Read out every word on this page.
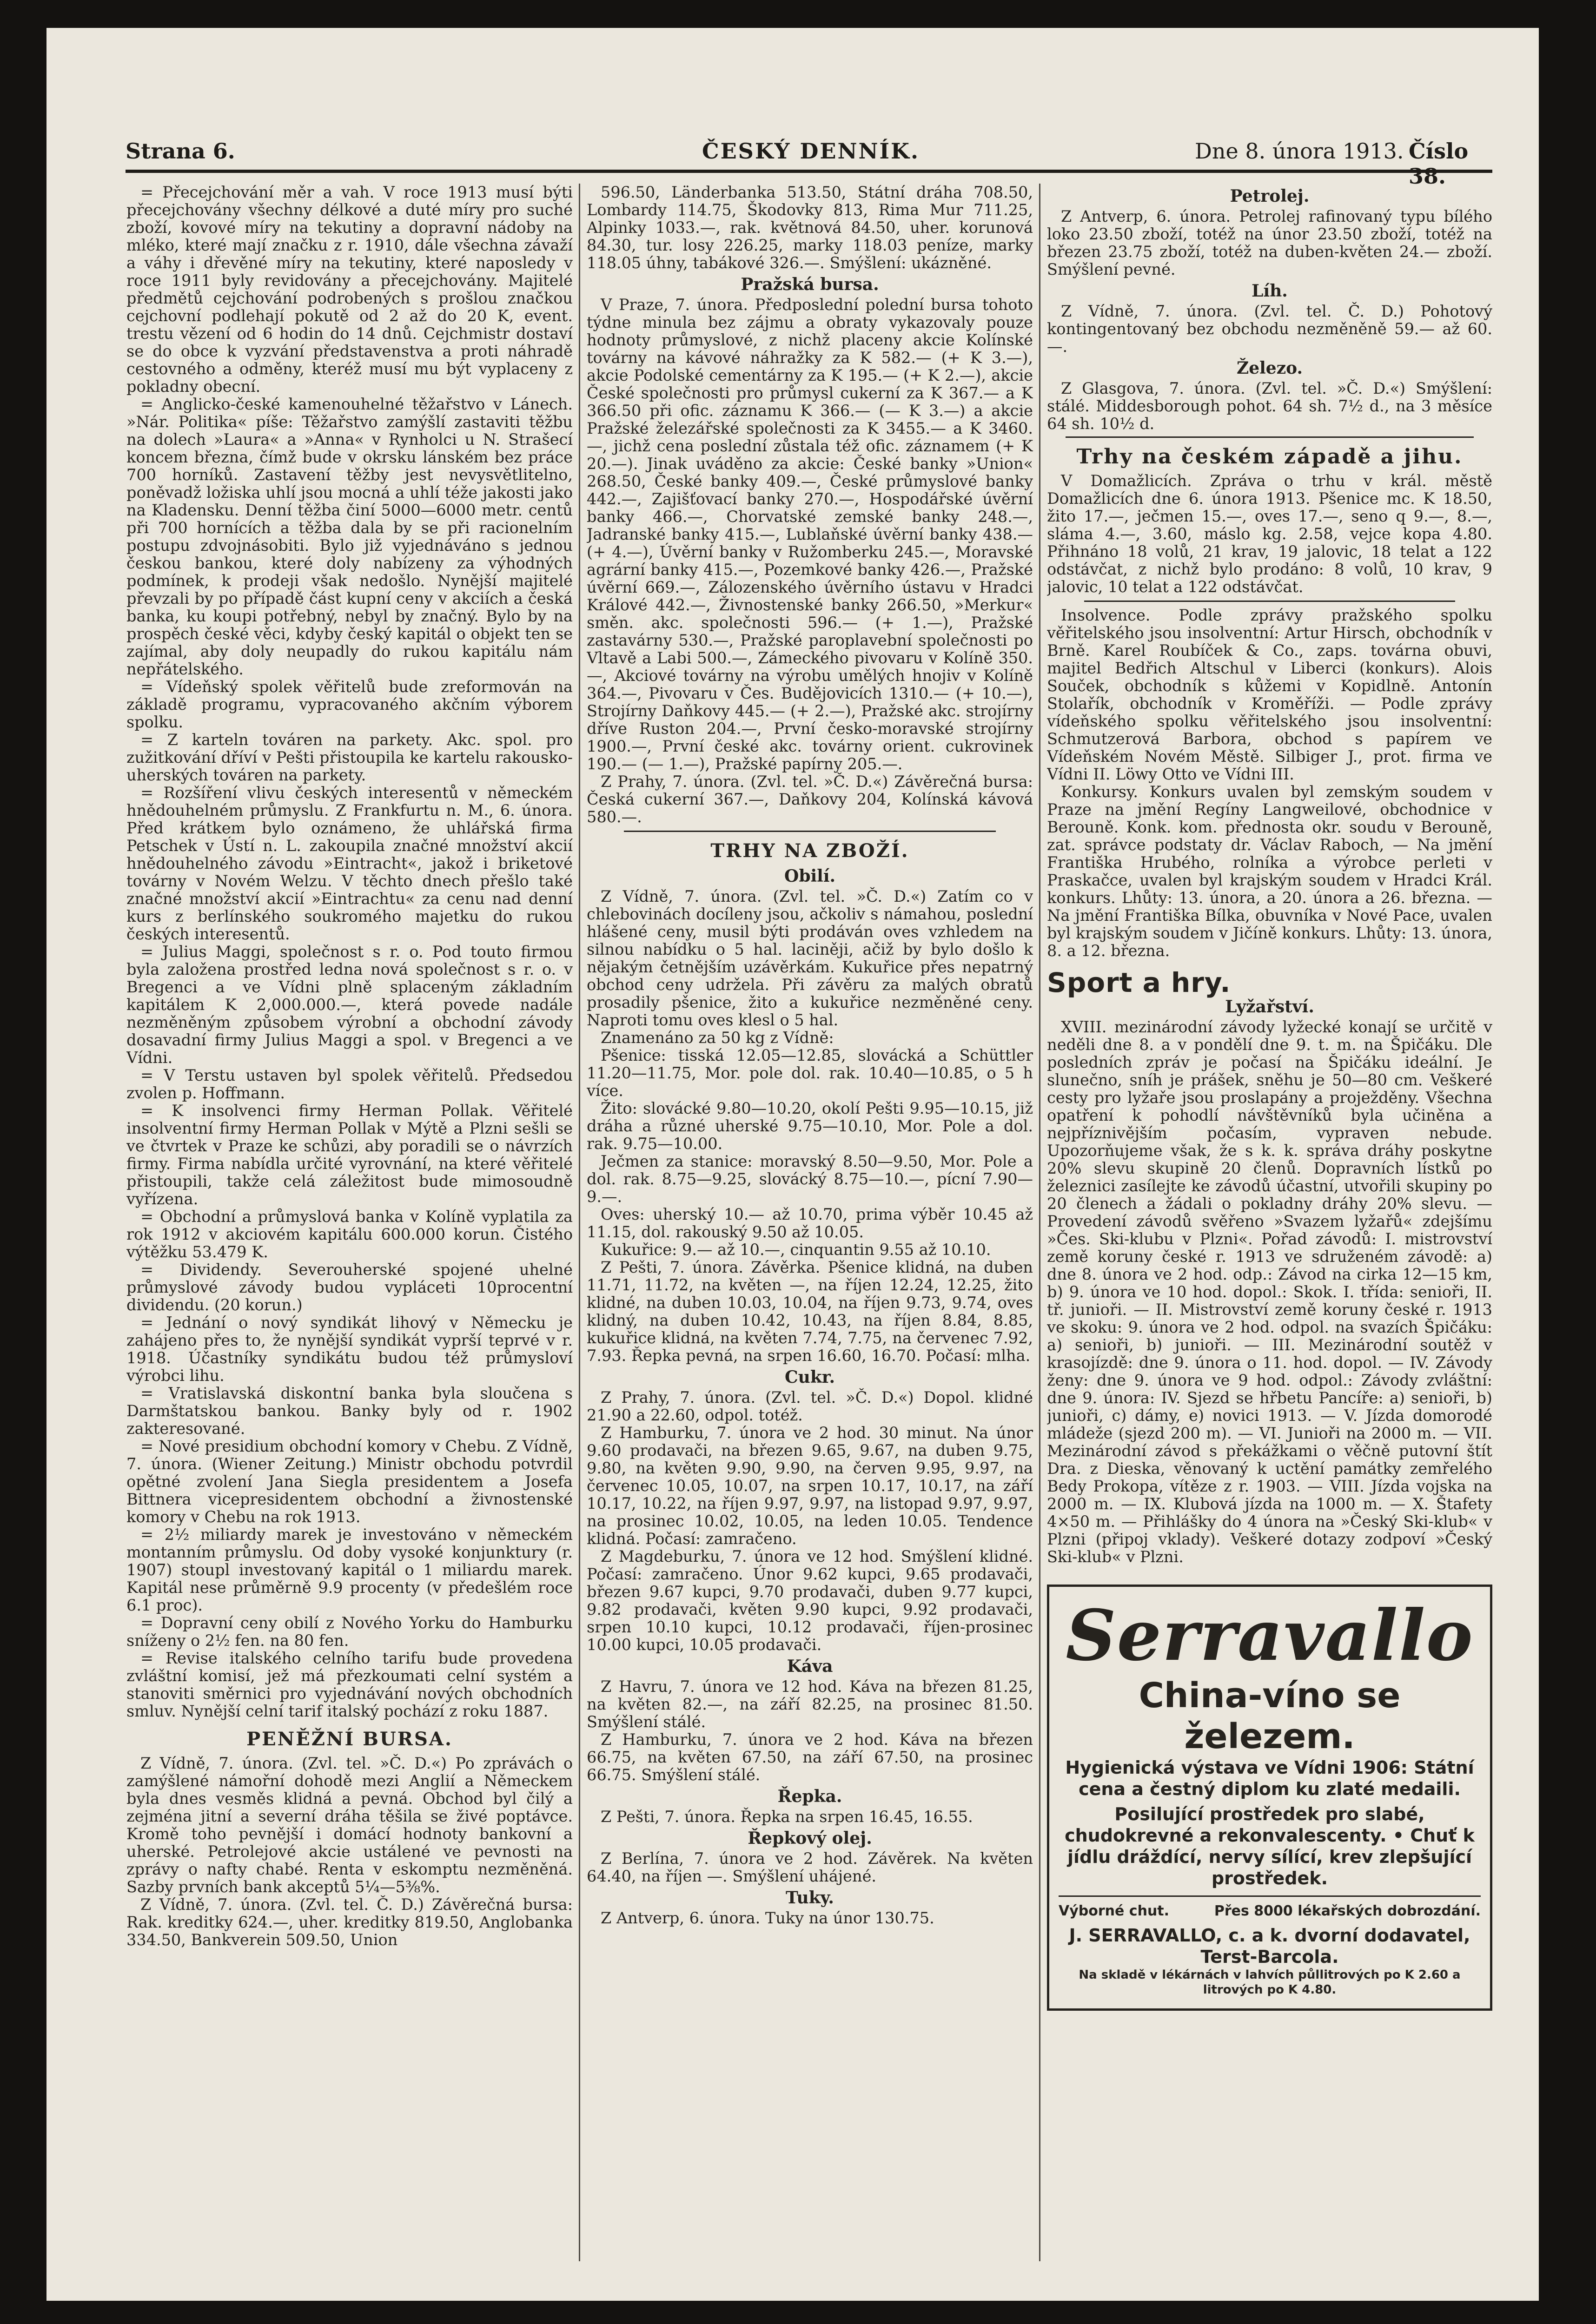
Strana 6.	ČESKÝ DENNÍK.	Dne 8. února 1913. Číslo 38.

= Přecejchování měr a vah. V roce 1913 musí býti přecejchovány všechny délkové a duté míry pro suché zboží, kovové míry na tekutiny a dopravní nádoby na mléko, které mají značku z r. 1910, dále všechna závaží a váhy i dřevěné míry na tekutiny, které naposledy v roce 1911 byly revidovány a přecejchovány. Majitelé předmětů cejchování podrobených s prošlou značkou cejchovní podlehají pokutě od 2 až do 20 K, event. trestu vězení od 6 hodin do 14 dnů. Cejchmistr dostaví se do obce k vyzvání představenstva a proti náhradě cestovného a odměny, kteréž musí mu být vyplaceny z pokladny obecní.

= Anglicko-české kamenouhelné těžařstvo v Lánech. »Nár. Politika« píše: Těžařstvo zamýšlí zastaviti těžbu na dolech »Laura« a »Anna« v Rynholci u N. Strašecí koncem března, čímž bude v okrsku lánském bez práce 700 horníků. Zastavení těžby jest nevysvětlitelno, poněvadž ložiska uhlí jsou mocná a uhlí téže jakosti jako na Kladensku. Denní těžba činí 5000—6000 metr. centů při 700 hornících a těžba dala by se při racionelním postupu zdvojnásobiti. Bylo již vyjednáváno s jednou českou bankou, které doly nabízeny za výhodných podmínek, k prodeji však nedošlo. Nynější majitelé převzali by po případě část kupní ceny v akciích a česká banka, ku koupi potřebný, nebyl by značný. Bylo by na prospěch české věci, kdyby český kapitál o objekt ten se zajímal, aby doly neupadly do rukou kapitálu nám nepřátelského.

= Vídeňský spolek věřitelů bude zreformován na základě programu, vypracovaného akčním výborem spolku.

= Z karteln továren na parkety. Akc. spol. pro zužitkování dříví v Pešti přistoupila ke kartelu rakousko-uherských továren na parkety.

= Rozšíření vlivu českých interesentů v německém hnědouhelném průmyslu. Z Frankfurtu n. M., 6. února. Před krátkem bylo oznámeno, že uhlářská firma Petschek v Ústí n. L. zakoupila značné množství akcií hnědouhelného závodu »Eintracht«, jakož i briketové továrny v Novém Welzu. V těchto dnech přešlo také značné množství akcií »Eintrachtu« za cenu nad denní kurs z berlínského soukromého majetku do rukou českých interesentů.

= Julius Maggi, společnost s r. o. Pod touto firmou byla založena prostřed ledna nová společnost s r. o. v Bregenci a ve Vídni plně splaceným základním kapitálem K 2,000.000.—, která povede nadále nezměněným způsobem výrobní a obchodní závody dosavadní firmy Julius Maggi a spol. v Bregenci a ve Vídni.

= V Terstu ustaven byl spolek věřitelů. Předsedou zvolen p. Hoffmann.

= K insolvenci firmy Herman Pollak. Věřitelé insolventní firmy Herman Pollak v Mýtě a Plzni sešli se ve čtvrtek v Praze ke schůzi, aby poradili se o návrzích firmy. Firma nabídla určité vyrovnání, na které věřitelé přistoupili, takže celá záležitost bude mimosoudně vyřízena.

= Obchodní a průmyslová banka v Kolíně vyplatila za rok 1912 v akciovém kapitálu 600.000 korun. Čistého výtěžku 53.479 K.

= Dividendy. Severouherské spojené uhelné průmyslové závody budou vypláceti 10procentní dividendu. (20 korun.)

= Jednání o nový syndikát lihový v Německu je zahájeno přes to, že nynější syndikát vyprší teprvé v r. 1918. Účastníky syndikátu budou též průmysloví výrobci lihu.

= Vratislavská diskontní banka byla sloučena s Darmštatskou bankou. Banky byly od r. 1902 zakteresované.

= Nové presidium obchodní komory v Chebu. Z Vídně, 7. února. (Wiener Zeitung.) Ministr obchodu potvrdil opětné zvolení Jana Siegla presidentem a Josefa Bittnera vicepresidentem obchodní a živnostenské komory v Chebu na rok 1913.

= 2½ miliardy marek je investováno v německém montanním průmyslu. Od doby vysoké konjunktury (r. 1907) stoupl investovaný kapitál o 1 miliardu marek. Kapitál nese průměrně 9.9 procenty (v předešlém roce 6.1 proc).

= Dopravní ceny obilí z Nového Yorku do Hamburku sníženy o 2½ fen. na 80 fen.

= Revise italského celního tarifu bude provedena zvláštní komisí, jež má přezkoumati celní systém a stanoviti směrnici pro vyjednávání nových obchodních smluv. Nynější celní tarif italský pochází z roku 1887.

PENĚŽNÍ BURSA.

Z Vídně, 7. února. (Zvl. tel. »Č. D.«) Po zprávách o zamýšlené námořní dohodě mezi Anglií a Německem byla dnes vesměs klidná a pevná. Obchod byl čilý a zejména jitní a severní dráha těšila se živé poptávce. Kromě toho pevnější i domácí hodnoty bankovní a uherské. Petrolejové akcie ustálené ve pevnosti na zprávy o nafty chabé. Renta v eskomptu nezměněná. Sazby prvních bank akceptů 5¼—5⅜%.

Z Vídně, 7. února. (Zvl. tel. Č. D.) Závěrečná bursa: Rak. kreditky 624.—, uher. kreditky 819.50, Anglobanka 334.50, Bankverein 509.50, Union

596.50, Länderbanka 513.50, Státní dráha 708.50, Lombardy 114.75, Škodovky 813, Rima Mur 711.25, Alpinky 1033.—, rak. květnová 84.50, uher. korunová 84.30, tur. losy 226.25, marky 118.03 peníze, marky 118.05 úhny, tabákové 326.—. Smýšlení: ukázněné.

Pražská bursa.

V Praze, 7. února. Předposlední polední bursa tohoto týdne minula bez zájmu a obraty vykazovaly pouze hodnoty průmyslové, z nichž placeny akcie Kolínské továrny na kávové náhražky za K 582.— (+ K 3.—), akcie Podolské cementárny za K 195.— (+ K 2.—), akcie České společnosti pro průmysl cukerní za K 367.— a K 366.50 při ofic. záznamu K 366.— (— K 3.—) a akcie Pražské železářské společnosti za K 3455.— a K 3460.—, jichž cena poslední zůstala též ofic. záznamem (+ K 20.—). Jinak uváděno za akcie: České banky »Union« 268.50, České banky 409.—, České průmyslové banky 442.—, Zajišťovací banky 270.—, Hospodářské úvěrní banky 466.—, Chorvatské zemské banky 248.—, Jadranské banky 415.—, Lublaňské úvěrní banky 438.— (+ 4.—), Úvěrní banky v Ružomberku 245.—, Moravské agrární banky 415.—, Pozemkové banky 426.—, Pražské úvěrní 669.—, Zálozenského úvěrního ústavu v Hradci Králové 442.—, Živnostenské banky 266.50, »Merkur« směn. akc. společnosti 596.— (+ 1.—), Pražské zastavárny 530.—, Pražské paroplavební společnosti po Vltavě a Labi 500.—, Zámeckého pivovaru v Kolíně 350.—, Akciové továrny na výrobu umělých hnojiv v Kolíně 364.—, Pivovaru v Čes. Budějovicích 1310.— (+ 10.—), Strojírny Daňkovy 445.— (+ 2.—), Pražské akc. strojírny dříve Ruston 204.—, První česko-moravské strojírny 1900.—, První české akc. továrny orient. cukrovinek 190.— (— 1.—), Pražské papírny 205.—.

Z Prahy, 7. února. (Zvl. tel. »Č. D.«) Závěrečná bursa: Česká cukerní 367.—, Daňkovy 204, Kolínská kávová 580.—.

TRHY NA ZBOŽÍ.
Obilí.

Z Vídně, 7. února. (Zvl. tel. »Č. D.«) Zatím co v chlebovinách docíleny jsou, ačkoliv s námahou, poslední hlášené ceny, musil býti prodáván oves vzhledem na silnou nabídku o 5 hal. laciněji, ačiž by bylo došlo k nějakým četnějším uzávěrkám. Kukuřice přes nepatrný obchod ceny udržela. Při závěru za malých obratů prosadily pšenice, žito a kukuřice nezměněné ceny. Naproti tomu oves klesl o 5 hal.

Znamenáno za 50 kg z Vídně:

Pšenice: tisská 12.05—12.85, slovácká a Schüttler 11.20—11.75, Mor. pole dol. rak. 10.40—10.85, o 5 h více.

Žito: slovácké 9.80—10.20, okolí Pešti 9.95—10.15, již dráha a různé uherské 9.75—10.10, Mor. Pole a dol. rak. 9.75—10.00.

Ječmen za stanice: moravský 8.50—9.50, Mor. Pole a dol. rak. 8.75—9.25, slovácký 8.75—10.—, pícní 7.90—9.—.

Oves: uherský 10.— až 10.70, prima výběr 10.45 až 11.15, dol. rakouský 9.50 až 10.05.

Kukuřice: 9.— až 10.—, cinquantin 9.55 až 10.10.

Z Pešti, 7. února. Závěrka. Pšenice klidná, na duben 11.71, 11.72, na květen —, na říjen 12.24, 12.25, žito klidné, na duben 10.03, 10.04, na říjen 9.73, 9.74, oves klidný, na duben 10.42, 10.43, na říjen 8.84, 8.85, kukuřice klidná, na květen 7.74, 7.75, na červenec 7.92, 7.93. Řepka pevná, na srpen 16.60, 16.70. Počasí: mlha.

Cukr.

Z Prahy, 7. února. (Zvl. tel. »Č. D.«) Dopol. klidné 21.90 a 22.60, odpol. totéž.

Z Hamburku, 7. února ve 2 hod. 30 minut. Na únor 9.60 prodavači, na březen 9.65, 9.67, na duben 9.75, 9.80, na květen 9.90, 9.90, na červen 9.95, 9.97, na červenec 10.05, 10.07, na srpen 10.17, 10.17, na září 10.17, 10.22, na říjen 9.97, 9.97, na listopad 9.97, 9.97, na prosinec 10.02, 10.05, na leden 10.05. Tendence klidná. Počasí: zamračeno.

Z Magdeburku, 7. února ve 12 hod. Smýšlení klidné. Počasí: zamračeno. Únor 9.62 kupci, 9.65 prodavači, březen 9.67 kupci, 9.70 prodavači, duben 9.77 kupci, 9.82 prodavači, květen 9.90 kupci, 9.92 prodavači, srpen 10.10 kupci, 10.12 prodavači, říjen-prosinec 10.00 kupci, 10.05 prodavači.

Káva

Z Havru, 7. února ve 12 hod. Káva na březen 81.25, na květen 82.—, na září 82.25, na prosinec 81.50. Smýšlení stálé.

Z Hamburku, 7. února ve 2 hod. Káva na březen 66.75, na květen 67.50, na září 67.50, na prosinec 66.75. Smýšlení stálé.

Řepka.

Z Pešti, 7. února. Řepka na srpen 16.45, 16.55.

Řepkový olej.

Z Berlína, 7. února ve 2 hod. Závěrek. Na květen 64.40, na říjen —. Smýšlení uhájené.

Tuky.

Z Antverp, 6. února. Tuky na únor 130.75.

Petrolej.

Z Antverp, 6. února. Petrolej rafinovaný typu bílého loko 23.50 zboží, totéž na únor 23.50 zboží, totéž na březen 23.75 zboží, totéž na duben-květen 24.— zboží. Smýšlení pevné.

Líh.

Z Vídně, 7. února. (Zvl. tel. Č. D.) Pohotový kontingentovaný bez obchodu nezměněně 59.— až 60.—.

Železo.

Z Glasgova, 7. února. (Zvl. tel. »Č. D.«) Smýšlení: stálé. Middesborough pohot. 64 sh. 7½ d., na 3 měsíce 64 sh. 10½ d.

Trhy na českém západě a jihu.

V Domažlicích. Zpráva o trhu v král. městě Domažlicích dne 6. února 1913. Pšenice mc. K 18.50, žito 17.—, ječmen 15.—, oves 17.—, seno q 9.—, 8.—, sláma 4.—, 3.60, máslo kg. 2.58, vejce kopa 4.80. Přihnáno 18 volů, 21 krav, 19 jalovic, 18 telat a 122 odstávčat, z nichž bylo prodáno: 8 volů, 10 krav, 9 jalovic, 10 telat a 122 odstávčat.

Insolvence. Podle zprávy pražského spolku věřitelského jsou insolventní: Artur Hirsch, obchodník v Brně. Karel Roubíček & Co., zaps. továrna obuvi, majitel Bedřich Altschul v Liberci (konkurs). Alois Souček, obchodník s kůžemi v Kopidlně. Antonín Stolařík, obchodník v Kroměříži. — Podle zprávy vídeňského spolku věřitelského jsou insolventní: Schmutzerová Barbora, obchod s papírem ve Vídeňském Novém Městě. Silbiger J., prot. firma ve Vídni II. Löwy Otto ve Vídni III.

Konkursy. Konkurs uvalen byl zemským soudem v Praze na jmění Regíny Langweilové, obchodnice v Berouně. Konk. kom. přednosta okr. soudu v Berouně, zat. správce podstaty dr. Václav Raboch, — Na jmění Františka Hrubého, rolníka a výrobce perleti v Praskačce, uvalen byl krajským soudem v Hradci Král. konkurs. Lhůty: 13. února, a 20. února a 26. března. — Na jmění Františka Bílka, obuvníka v Nové Pace, uvalen byl krajským soudem v Jičíně konkurs. Lhůty: 13. února, 8. a 12. března.

Sport a hry.
Lyžařství.

XVIII. mezinárodní závody lyžecké konají se určitě v neděli dne 8. a v pondělí dne 9. t. m. na Špičáku. Dle posledních zpráv je počasí na Špičáku ideální. Je slunečno, sníh je prášek, sněhu je 50—80 cm. Veškeré cesty pro lyžaře jsou proslapány a proježděny. Všechna opatření k pohodlí návštěvníků byla učiněna a nejpříznivějším počasím, vypraven nebude. Upozorňujeme však, že s k. k. správa dráhy poskytne 20% slevu skupině 20 členů. Dopravních lístků po železnici zasílejte ke závodů účastní, utvořili skupiny po 20 členech a žádali o pokladny dráhy 20% slevu. — Provedení závodů svěřeno »Svazem lyžařů« zdejšímu »Čes. Ski-klubu v Plzni«. Pořad závodů: I. mistrovství země koruny české r. 1913 ve sdruženém závodě: a) dne 8. února ve 2 hod. odp.: Závod na cirka 12—15 km, b) 9. února ve 10 hod. dopol.: Skok. I. třída: senioři, II. tř. junioři. — II. Mistrovství země koruny české r. 1913 ve skoku: 9. února ve 2 hod. odpol. na svazích Špičáku: a) senioři, b) junioři. — III. Mezinárodní soutěž v krasojízdě: dne 9. února o 11. hod. dopol. — IV. Závody ženy: dne 9. února ve 9 hod. odpol.: Závody zvláštní: dne 9. února: IV. Sjezd se hřbetu Pancíře: a) senioři, b) junioři, c) dámy, e) novici 1913. — V. Jízda domorodé mládeže (sjezd 200 m). — VI. Junioři na 2000 m. — VII. Mezinárodní závod s překážkami o věčně putovní štít Dra. z Dieska, věnovaný k uctění památky zemřelého Bedy Prokopa, vítěze z r. 1903. — VIII. Jízda vojska na 2000 m. — IX. Klubová jízda na 1000 m. — X. Štafety 4×50 m. — Přihlášky do 4 února na »Český Ski-klub« v Plzni (připoj vklady). Veškeré dotazy zodpoví »Český Ski-klub« v Plzni.

Serravallo
China-víno se železem.

Hygienická výstava ve Vídni 1906: Státní cena a čestný diplom ku zlaté medaili.

Posilující prostředek pro slabé, chudokrevné a rekonvalescenty. • Chuť k jídlu dráždící, nervy sílící, krev zlepšující prostředek.

Výborné chut.	Přes 8000 lékařských dobrozdání.

J. SERRAVALLO, c. a k. dvorní dodavatel, Terst-Barcola.

Na skladě v lékárnách v lahvích půllitrových po K 2.60 a litrových po K 4.80.
